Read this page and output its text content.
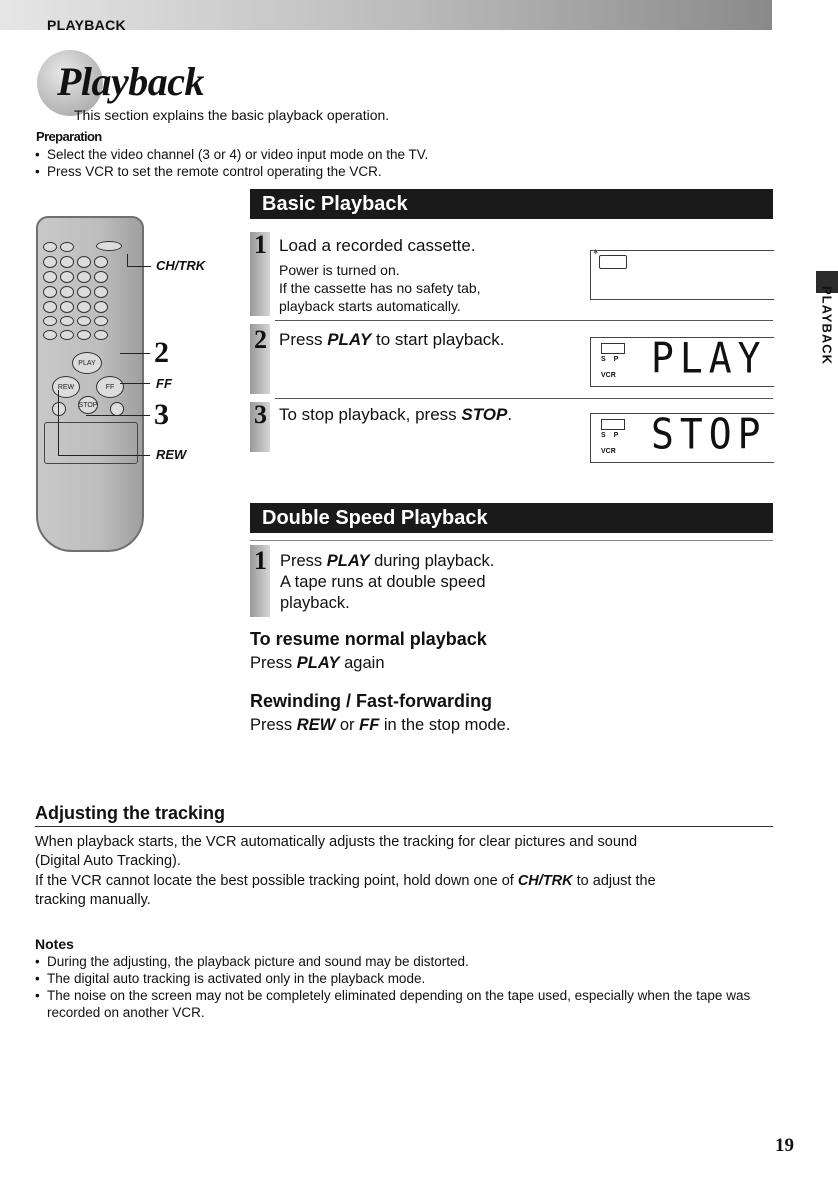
PLAYBACK
Playback
This section explains the basic playback operation.
Preparation
• Select the video channel (3 or 4) or video input mode on the TV.
• Press VCR to set the remote control operating the VCR.
PLAY
REW	FF
STOP
CH/TRK
2
FF
3
REW
Basic Playback
1 Load a recorded cassette.
Power is turned on.
If the cassette has no safety tab,
playback starts automatically.
✶
2 Press PLAY to start playback.
S P
VCR PLAY
3 To stop playback, press STOP.
S P
VCR STOP
Double Speed Playback
1 Press PLAY during playback.
A tape runs at double speed
playback.
To resume normal playback
Press PLAY again
Rewinding / Fast-forwarding
Press REW or FF in the stop mode.
Adjusting the tracking
When playback starts, the VCR automatically adjusts the tracking for clear pictures and sound
(Digital Auto Tracking).
If the VCR cannot locate the best possible tracking point, hold down one of CH/TRK to adjust the
tracking manually.
Notes
• During the adjusting, the playback picture and sound may be distorted.
• The digital auto tracking is activated only in the playback mode.
• The noise on the screen may not be completely eliminated depending on the tape used, especially when the tape was recorded on another VCR.
PLAYBACK
19
